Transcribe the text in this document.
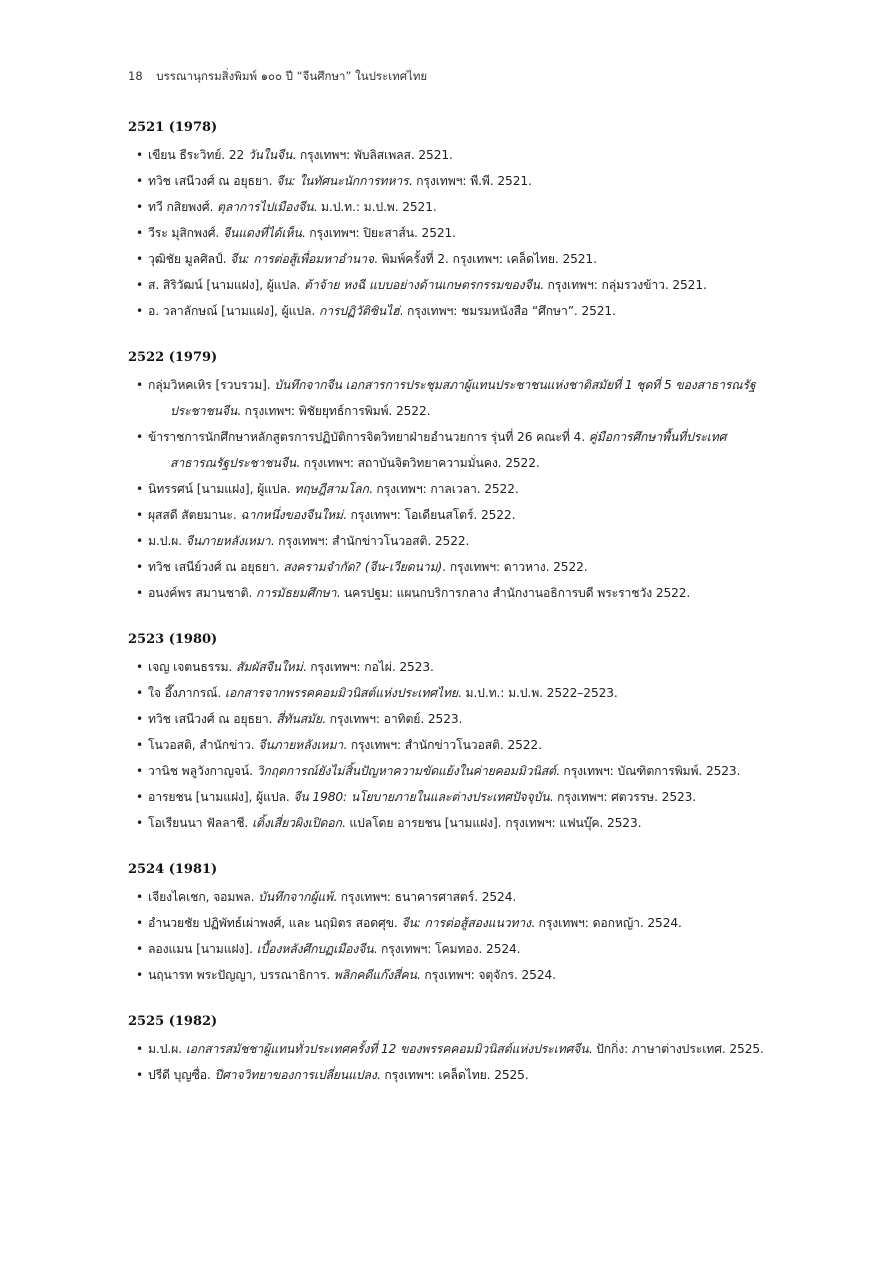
18 บรรณานุกรมสิ่งพิมพ์ ๑๐๐ ปี “จีนศึกษา” ในประเทศไทย
2521 (1978)
• เขียน ธีระวิทย์. 22 วันในจีน. กรุงเทพฯ: พับลิสเพลส. 2521.
• ทวิช เสนีวงศ์ ณ อยุธยา. จีน: ในทัศนะนักการทหาร. กรุงเทพฯ: พี.พี. 2521.
• ทวี กสิยพงศ์. ตุลาการไปเมืองจีน. ม.ป.ท.: ม.ป.พ. 2521.
• วีระ มุสิกพงศ์. จีนแดงที่ได้เห็น. กรุงเทพฯ: ปิยะสาส์น. 2521.
• วุฒิชัย มูลศิลป์. จีน: การต่อสู้เพื่อมหาอำนาจ. พิมพ์ครั้งที่ 2. กรุงเทพฯ: เคล็ดไทย. 2521.
• ส. สิริวัฒน์ [นามแฝง], ผู้แปล. ต้าจ้าย หงฉี แบบอย่างด้านเกษตรกรรมของจีน. กรุงเทพฯ: กลุ่มรวงข้าว. 2521.
• อ. วลาลักษณ์ [นามแฝง], ผู้แปล. การปฏิวัติซินไฮ่. กรุงเทพฯ: ชมรมหนังสือ “ศึกษา”. 2521.
2522 (1979)
• กลุ่มวิหคเหิร [รวบรวม]. บันทึกจากจีน เอกสารการประชุมสภาผู้แทนประชาชนแห่งชาติสมัยที่ 1 ชุดที่ 5 ของสาธารณรัฐประชาชนจีน. กรุงเทพฯ: พิชัยยุทธ์การพิมพ์. 2522.
• ข้าราชการนักศึกษาหลักสูตรการปฏิบัติการจิตวิทยาฝ่ายอำนวยการ รุ่นที่ 26 คณะที่ 4. คู่มือการศึกษาพื้นที่ประเทศสาธารณรัฐประชาชนจีน. กรุงเทพฯ: สถาบันจิตวิทยาความมั่นคง. 2522.
• นิทรรศน์ [นามแฝง], ผู้แปล. ทฤษฎีสามโลก. กรุงเทพฯ: กาลเวลา. 2522.
• ผุสสดี สัตยมานะ. ฉากหนึ่งของจีนใหม่. กรุงเทพฯ: โอเดียนสโตร์. 2522.
• ม.ป.ผ. จีนภายหลังเหมา. กรุงเทพฯ: สำนักข่าวโนวอสติ. 2522.
• ทวิช เสนีย์วงศ์ ณ อยุธยา. สงครามจำกัด? (จีน-เวียดนาม). กรุงเทพฯ: ดาวหาง. 2522.
• อนงค์พร สมานชาติ. การมัธยมศึกษา. นครปฐม: แผนกบริการกลาง สำนักงานอธิการบดี พระราชวัง 2522.
2523 (1980)
• เจญ เจตนธรรม. สัมผัสจีนใหม่. กรุงเทพฯ: กอไผ่. 2523.
• ใจ อึ๊งภากรณ์. เอกสารจากพรรคคอมมิวนิสต์แห่งประเทศไทย. ม.ป.ท.: ม.ป.พ. 2522–2523.
• ทวิช เสนีวงศ์ ณ อยุธยา. สี่ทันสมัย. กรุงเทพฯ: อาทิตย์. 2523.
• โนวอสติ, สำนักข่าว. จีนภายหลังเหมา. กรุงเทพฯ: สำนักข่าวโนวอสติ. 2522.
• วานิช พลูวังกาญจน์. วิกฤตการณ์ยังไม่สิ้นปัญหาความขัดแย้งในค่ายคอมมิวนิสต์. กรุงเทพฯ: บัณฑิตการพิมพ์. 2523.
• อารยชน [นามแฝง], ผู้แปล. จีน 1980: นโยบายภายในและต่างประเทศปัจจุบัน. กรุงเทพฯ: ศตวรรษ. 2523.
• โอเรียนนา ฟัลลาชี. เติ้งเสี่ยวผิงเปิดอก. แปลโดย อารยชน [นามแฝง]. กรุงเทพฯ: แฟนบุ๊ค. 2523.
2524 (1981)
• เจียงไคเชก, จอมพล. บันทึกจากผู้แพ้. กรุงเทพฯ: ธนาคารศาสตร์. 2524.
• อำนวยชัย ปฏิพัทธ์เผ่าพงศ์, และ นฤมิตร สอดศุข. จีน: การต่อสู้สองแนวทาง. กรุงเทพฯ: ดอกหญ้า. 2524.
• ลองแมน [นามแฝง]. เบื้องหลังศึกบฏเมืองจีน. กรุงเทพฯ: โคมทอง. 2524.
• นฤนารท พระปัญญา, บรรณาธิการ. พลิกคดีแก๊งสี่คน. กรุงเทพฯ: จตุจักร. 2524.
2525 (1982)
• ม.ป.ผ. เอกสารสมัชชาผู้แทนทั่วประเทศครั้งที่ 12 ของพรรคคอมมิวนิสต์แห่งประเทศจีน. ปักกิ่ง: ภาษาต่างประเทศ. 2525.
• ปรีดี บุญซื่อ. ปีศาจวิทยาของการเปลี่ยนแปลง. กรุงเทพฯ: เคล็ดไทย. 2525.
